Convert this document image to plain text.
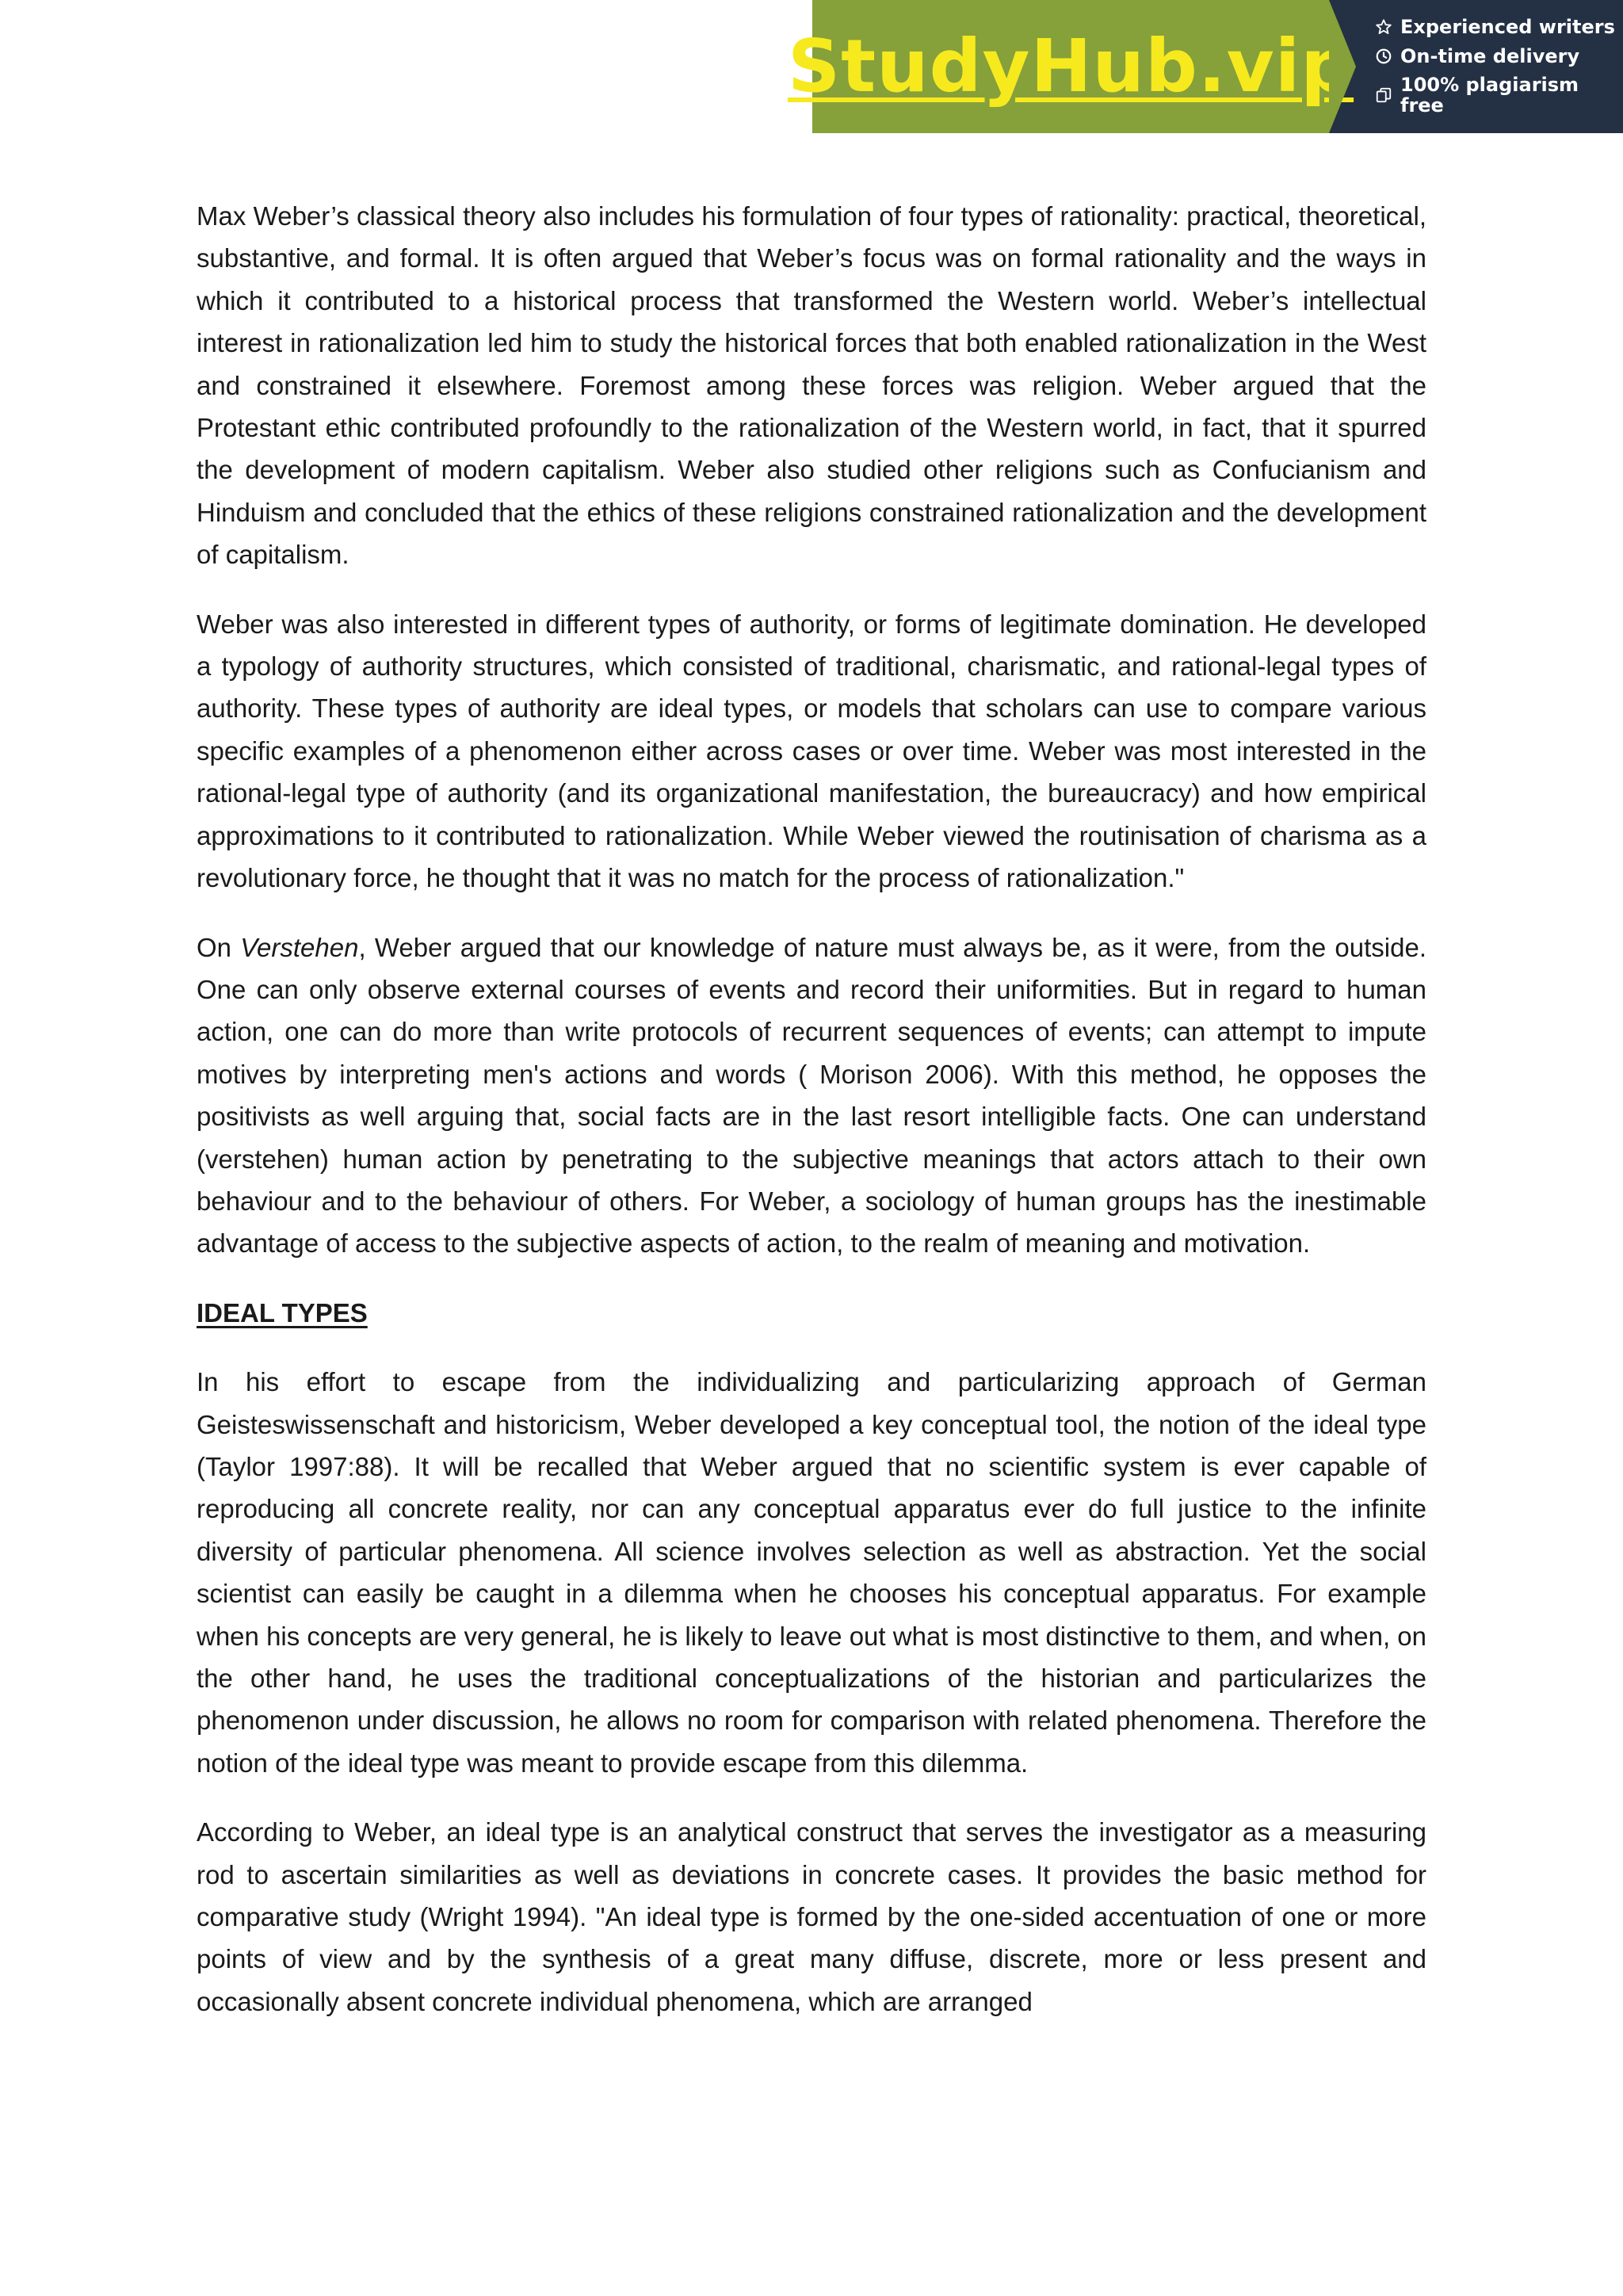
StudyHub.vip Experienced writers
On-time delivery
100% plagiarism free

Max Weber’s classical theory also includes his formulation of four types of rationality: practical, theoretical, substantive, and formal. It is often argued that Weber’s focus was on formal rationality and the ways in which it contributed to a historical process that transformed the Western world. Weber’s intellectual interest in rationalization led him to study the historical forces that both enabled rationalization in the West and constrained it elsewhere. Foremost among these forces was religion. Weber argued that the Protestant ethic contributed profoundly to the rationalization of the Western world, in fact, that it spurred the development of modern capitalism. Weber also studied other religions such as Confucianism and Hinduism and concluded that the ethics of these religions constrained rationalization and the development of capitalism.

Weber was also interested in different types of authority, or forms of legitimate domination. He developed a typology of authority structures, which consisted of traditional, charismatic, and rational-legal types of authority. These types of authority are ideal types, or models that scholars can use to compare various specific examples of a phenomenon either across cases or over time. Weber was most interested in the rational-legal type of authority (and its organizational manifestation, the bureaucracy) and how empirical approximations to it contributed to rationalization. While Weber viewed the routinisation of charisma as a revolutionary force, he thought that it was no match for the process of rationalization."

On Verstehen, Weber argued that our knowledge of nature must always be, as it were, from the outside. One can only observe external courses of events and record their uniformities. But in regard to human action, one can do more than write protocols of recurrent sequences of events; can attempt to impute motives by interpreting men's actions and words ( Morison 2006). With this method, he opposes the positivists as well arguing that, social facts are in the last resort intelligible facts. One can understand (verstehen) human action by penetrating to the subjective meanings that actors attach to their own behaviour and to the behaviour of others. For Weber, a sociology of human groups has the inestimable advantage of access to the subjective aspects of action, to the realm of meaning and motivation.

IDEAL TYPES

In his effort to escape from the individualizing and particularizing approach of German Geisteswissenschaft and historicism, Weber developed a key conceptual tool, the notion of the ideal type (Taylor 1997:88). It will be recalled that Weber argued that no scientific system is ever capable of reproducing all concrete reality, nor can any conceptual apparatus ever do full justice to the infinite diversity of particular phenomena. All science involves selection as well as abstraction. Yet the social scientist can easily be caught in a dilemma when he chooses his conceptual apparatus. For example when his concepts are very general, he is likely to leave out what is most distinctive to them, and when, on the other hand, he uses the traditional conceptualizations of the historian and particularizes the phenomenon under discussion, he allows no room for comparison with related phenomena. Therefore the notion of the ideal type was meant to provide escape from this dilemma.

According to Weber, an ideal type is an analytical construct that serves the investigator as a measuring rod to ascertain similarities as well as deviations in concrete cases. It provides the basic method for comparative study (Wright 1994). "An ideal type is formed by the one-sided accentuation of one or more points of view and by the synthesis of a great many diffuse, discrete, more or less present and occasionally absent concrete individual phenomena, which are arranged
